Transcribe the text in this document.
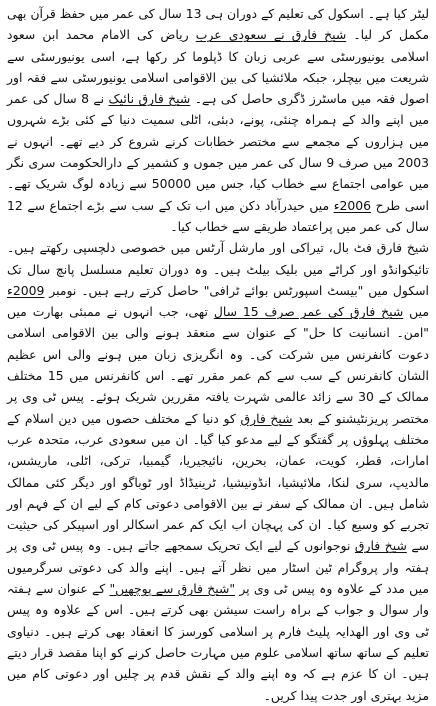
لیٹر کیا ہے۔ اسکول کی تعلیم کے دوران ہی 13 سال کی عمر میں حفظ قرآن بھی مکمل کر لیا۔ شیخ فارق نے سعودی عرب ریاض کی الامام محمد ابن سعود اسلامی یونیورسٹی سے عربی زبان کا ڈپلوما کر رکھا ہے، اسی یونیورسٹی سے شریعت میں بیچلر، جبکہ ملائشیا کی بین الاقوامی اسلامی یونیورسٹی سے فقہ اور اصول فقہ میں ماسٹرز ڈگری حاصل کی ہے۔ شیخ فارق نائیک نے 8 سال کی عمر میں اپنے والد کے ہمراہ چنئی، پونے، دبئی، اٹلی سمیت دنیا کے کئی بڑے شہروں میں ہزاروں کے مجمعے سے مختصر خطابات کرنے شروع کر دیے تھے۔ انہوں نے 2003 میں صرف 9 سال کی عمر میں جموں و کشمیر کے دارالحکومت سری نگر میں عوامی اجتماع سے خطاب کیا، جس میں 50000 سے زیادہ لوگ شریک تھے۔ اسی طرح 2006ء میں حیدرآباد دکن میں اب تک کے سب سے بڑے اجتماع سے 12 سال کی عمر میں پراعتماد طریقے سے خطاب کیا۔
شیخ فارق فٹ بال، تیراکی اور مارشل آرٹس میں خصوصی دلچسپی رکھتے ہیں۔ تائیکوانڈو اور کراٹے میں بلیک بیلٹ ہیں۔ وہ دوران تعلیم مسلسل پانچ سال تک اسکول میں "بیسٹ اسپورٹس بوائے ٹرافی" حاصل کرتے رہے ہیں۔ نومبر 2009ء میں شیخ فارق کی عمر صرف 15 سال تھی، جب انہوں نے ممبئی بھارت میں "امن۔ انسانیت کا حل" کے عنوان سے منعقد ہونے والی بین الاقوامی اسلامی دعوت کانفرنس میں شرکت کی۔ وہ انگریزی زبان میں ہونے والی اس عظیم الشان کانفرنس کے سب سے کم عمر مقرر تھے۔ اس کانفرنس میں 15 مختلف ممالک کے 30 سے زائد عالمی شہرت یافتہ مقررین شریک ہوئے۔ پیس ٹی وی پر مختصر پریزنٹیشنو کے بعد شیخ فارق کو دنیا کے مختلف حصوں میں دین اسلام کے مختلف پہلوؤں پر گفتگو کے لیے مدعو کیا گیا۔ ان میں سعودی عرب، متحدہ عرب امارات، قطر، کویت، عمان، بحرین، نائیجیریا، گیمبیا، ترکی، اٹلی، ماریشس، مالدیپ، سری لنکا، ملائیشیا، انڈونیشیا، ٹرینیڈاڈ اور ٹوباگو اور دیگر کئی ممالک شامل ہیں۔ ان ممالک کے سفر نے بین الاقوامی دعوتی کام کے لیے ان کے فہم اور تجربے کو وسیع کیا۔ ان کی پہچان اب ایک کم عمر اسکالر اور اسپیکر کی حیثیت سے شیخ فارق نوجوانوں کے لیے ایک تحریک سمجھے جاتے ہیں۔ وہ پیس ٹی وی پر ہفتہ وار پروگرام ٹین اسٹار میں نظر آتے ہیں۔ اپنے والد کی دعوتی سرگرمیوں میں مدد کے علاوہ وہ پیس ٹی وی پر "شیخ فارق سے پوچھیں" کے عنوان سے ہفتہ وار سوال و جواب کے براہ راست سیشن بھی کرتے ہیں۔ اس کے علاوہ وہ پیس ٹی وی اور الهدایہ پلیٹ فارم پر اسلامی کورسز کا انعقاد بھی کرتے ہیں۔ دنیاوی تعلیم کے ساتھ ساتھ اسلامی علوم میں مہارت حاصل کرنے کو اپنا مقصد قرار دیتے ہیں۔ ان کا عزم ہے کہ وہ اپنے والد کے نقش قدم پر چلیں اور دعوتی کام میں مزید بہتری اور جدت پیدا کریں۔
